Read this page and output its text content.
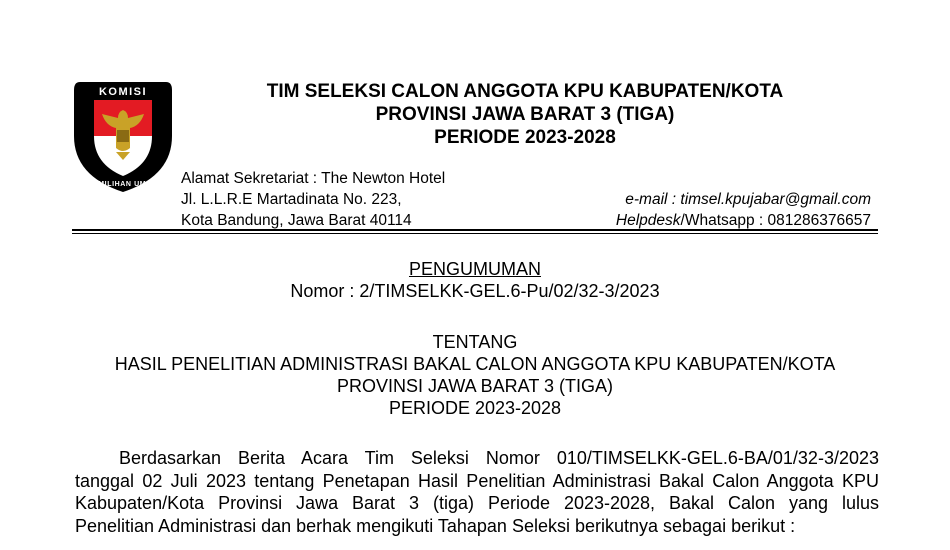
KOMISI
PEMILIHAN UMUM
TIM SELEKSI CALON ANGGOTA KPU KABUPATEN/KOTA
PROVINSI JAWA BARAT 3 (TIGA)
PERIODE 2023-2028
Alamat Sekretariat : The Newton Hotel
Jl. L.L.R.E Martadinata No. 223,
Kota Bandung, Jawa Barat 40114
e-mail : timsel.kpujabar@gmail.com
Helpdesk/Whatsapp : 081286376657
PENGUMUMAN
Nomor : 2/TIMSELKK-GEL.6-Pu/02/32-3/2023
TENTANG
HASIL PENELITIAN ADMINISTRASI BAKAL CALON ANGGOTA KPU KABUPATEN/KOTA
PROVINSI JAWA BARAT 3 (TIGA)
PERIODE 2023-2028
Berdasarkan Berita Acara Tim Seleksi Nomor 010/TIMSELKK-GEL.6-BA/01/32-3/2023
tanggal 02 Juli 2023 tentang Penetapan Hasil Penelitian Administrasi Bakal Calon Anggota KPU
Kabupaten/Kota Provinsi Jawa Barat 3 (tiga) Periode 2023-2028, Bakal Calon yang lulus
Penelitian Administrasi dan berhak mengikuti Tahapan Seleksi berikutnya sebagai berikut :
